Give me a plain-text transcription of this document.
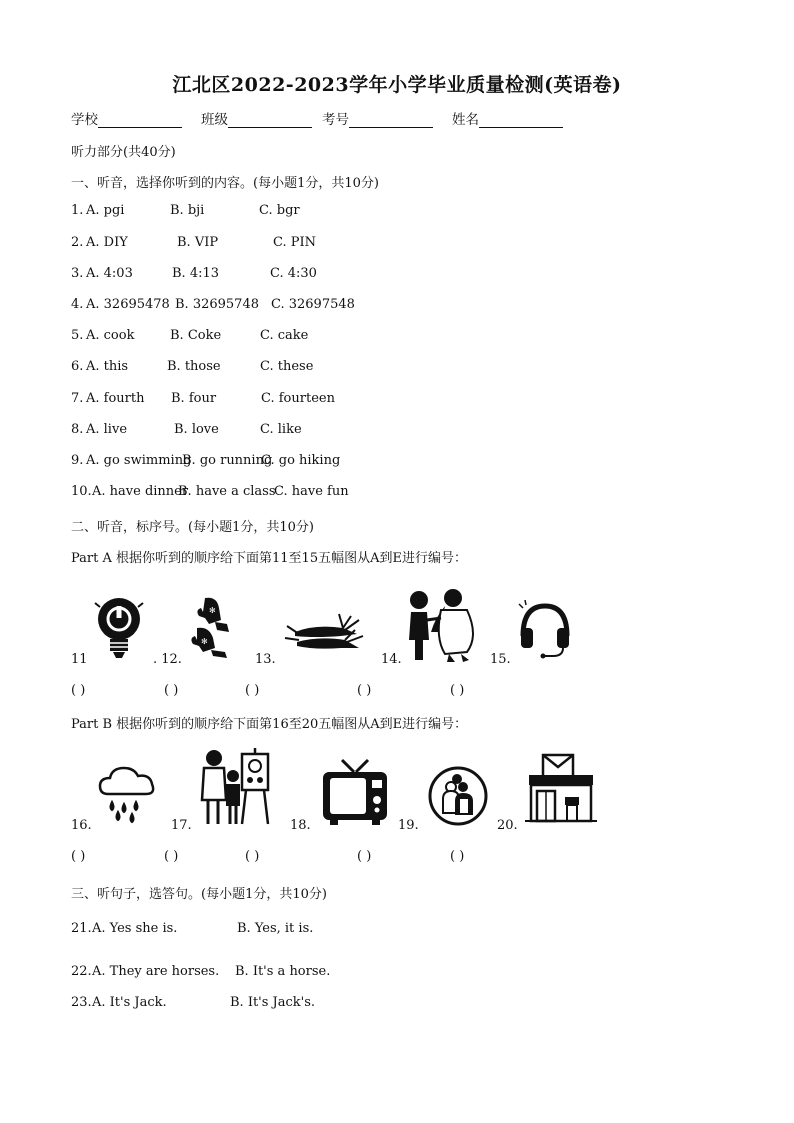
江北区2022-2023学年小学毕业质量检测(英语卷)
学校	班级	考号	姓名
听力部分(共40分)
一、听音，选择你听到的内容。(每小题1分，共10分)
1. A. pgi	B. bji	C. bgr
2. A. DIY	B. VIP	C. PIN
3. A. 4:03	B. 4:13	C. 4:30
4. A. 32695478 B. 32695748 C. 32697548
5. A. cook	B. Coke	C. cake
6. A. this	B. those	C. these
7. A. fourth B. four	C. fourteen
8. A. live	B. love	C. like
9. A. go swimming
B. go running
C. go hiking
10. A. have dinner
B. have a class
C. have fun
二、听音，标序号。(每小题1分，共10分)
Part A 根据你听到的顺序给下面第11至15五幅图从A到E进行编号：
✻
✻
11	. 12.	13.	14.	15.
( )	( )	( )	( )	( )
Part B 根据你听到的顺序给下面第16至20五幅图从A到E进行编号：
16.	17.	18.	19.	20.
( )	( )	( )	( )	( )
三、听句子，选答句。(每小题1分，共10分)
21. A. Yes she is.	B. Yes, it is.
22. A. They are horses. B. It's a horse.
23. A. It's Jack.	B. It's Jack's.
